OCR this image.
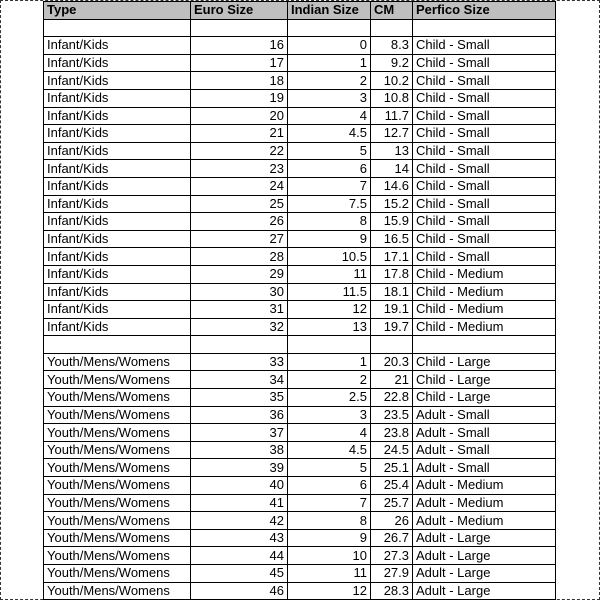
Type	Euro Size	Indian Size	CM	Perfico Size

Infant/Kids	16	0	8.3	Child - Small
Infant/Kids	17	1	9.2	Child - Small
Infant/Kids	18	2	10.2	Child - Small
Infant/Kids	19	3	10.8	Child - Small
Infant/Kids	20	4	11.7	Child - Small
Infant/Kids	21	4.5	12.7	Child - Small
Infant/Kids	22	5	13	Child - Small
Infant/Kids	23	6	14	Child - Small
Infant/Kids	24	7	14.6	Child - Small
Infant/Kids	25	7.5	15.2	Child - Small
Infant/Kids	26	8	15.9	Child - Small
Infant/Kids	27	9	16.5	Child - Small
Infant/Kids	28	10.5	17.1	Child - Small
Infant/Kids	29	11	17.8	Child - Medium
Infant/Kids	30	11.5	18.1	Child - Medium
Infant/Kids	31	12	19.1	Child - Medium
Infant/Kids	32	13	19.7	Child - Medium

Youth/Mens/Womens	33	1	20.3	Child - Large
Youth/Mens/Womens	34	2	21	Child - Large
Youth/Mens/Womens	35	2.5	22.8	Child - Large
Youth/Mens/Womens	36	3	23.5	Adult - Small
Youth/Mens/Womens	37	4	23.8	Adult - Small
Youth/Mens/Womens	38	4.5	24.5	Adult - Small
Youth/Mens/Womens	39	5	25.1	Adult - Small
Youth/Mens/Womens	40	6	25.4	Adult - Medium
Youth/Mens/Womens	41	7	25.7	Adult - Medium
Youth/Mens/Womens	42	8	26	Adult - Medium
Youth/Mens/Womens	43	9	26.7	Adult - Large
Youth/Mens/Womens	44	10	27.3	Adult - Large
Youth/Mens/Womens	45	11	27.9	Adult - Large
Youth/Mens/Womens	46	12	28.3	Adult - Large
